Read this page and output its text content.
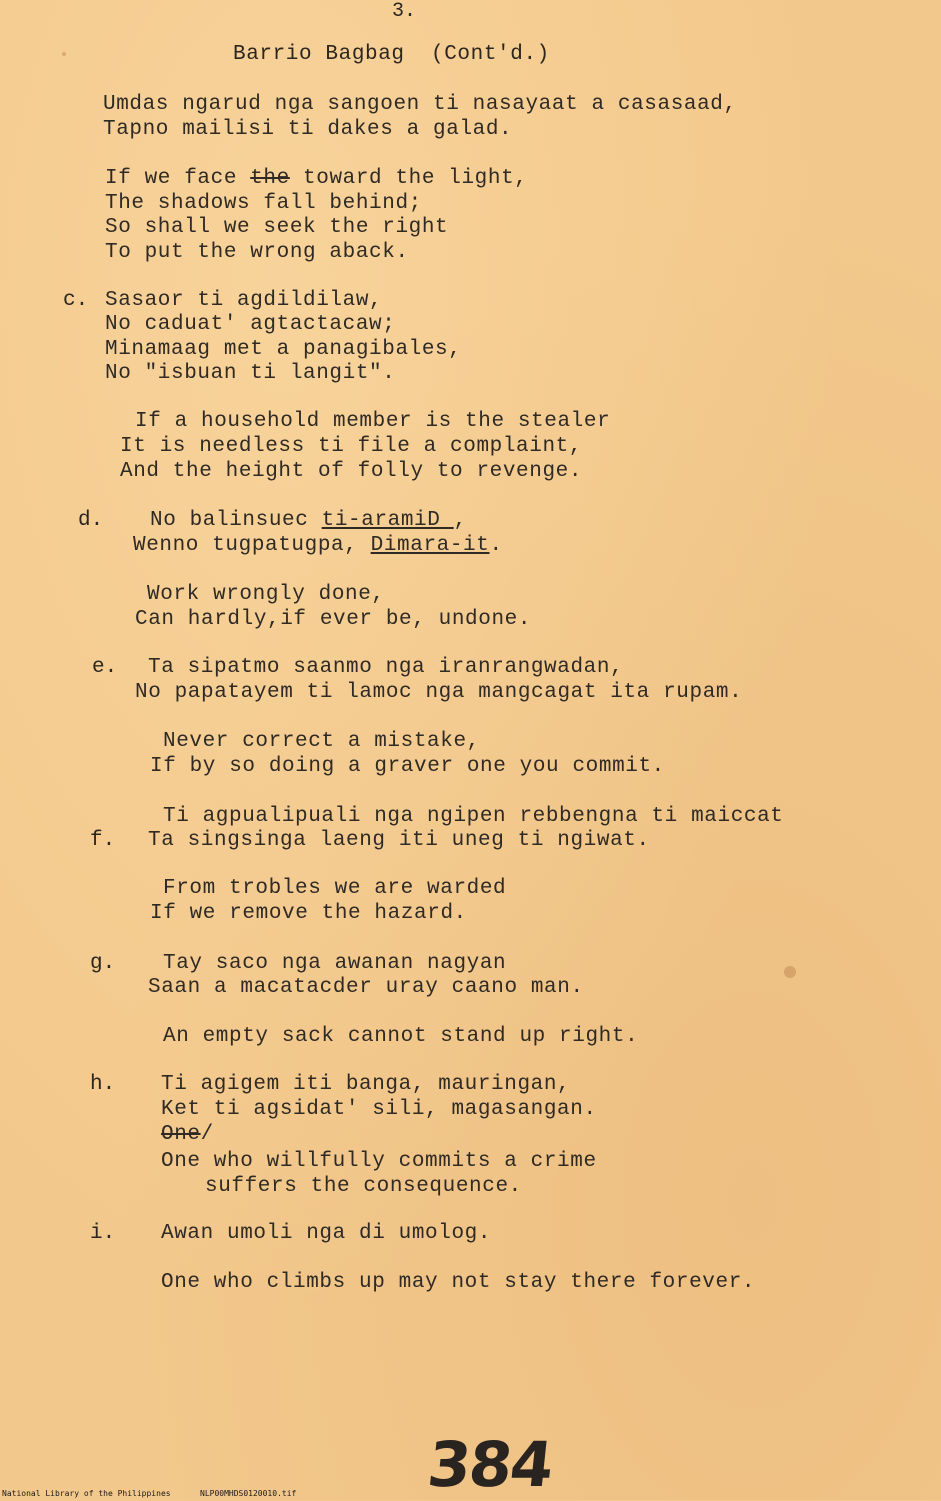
3.
Barrio Bagbag  (Cont'd.)
Umdas ngarud nga sangoen ti nasayaat a casasaad,
Tapno mailisi ti dakes a galad.
If we face the toward the light,
The shadows fall behind;
So shall we seek the right
To put the wrong aback.
c. Sasaor ti agdildilaw,
No caduat' agtactacaw;
Minamaag met a panagibales,
No "isbuan ti langit".
If a household member is the stealer
It is needless ti file a complaint,
And the height of folly to revenge.
d. No balinsuec ti-aramiD ,
Wenno tugpatugpa, Dimara-it.
Work wrongly done,
Can hardly,if ever be, undone.
e. Ta sipatmo saanmo nga iranrangwadan,
No papatayem ti lamoc nga mangcagat ita rupam.
Never correct a mistake,
If by so doing a graver one you commit.
Ti agpualipuali nga ngipen rebbengna ti maiccat
f. Ta singsinga laeng iti uneg ti ngiwat.
From trobles we are warded
If we remove the hazard.
g. Tay saco nga awanan nagyan
Saan a macatacder uray caano man.
An empty sack cannot stand up right.
h. Ti agigem iti banga, mauringan,
Ket ti agsidat' sili, magasangan.
One/
One who willfully commits a crime
suffers the consequence.
i. Awan umoli nga di umolog.
One who climbs up may not stay there forever.
384
National Library of the Philippines	NLP00MHDS0120010.tif
